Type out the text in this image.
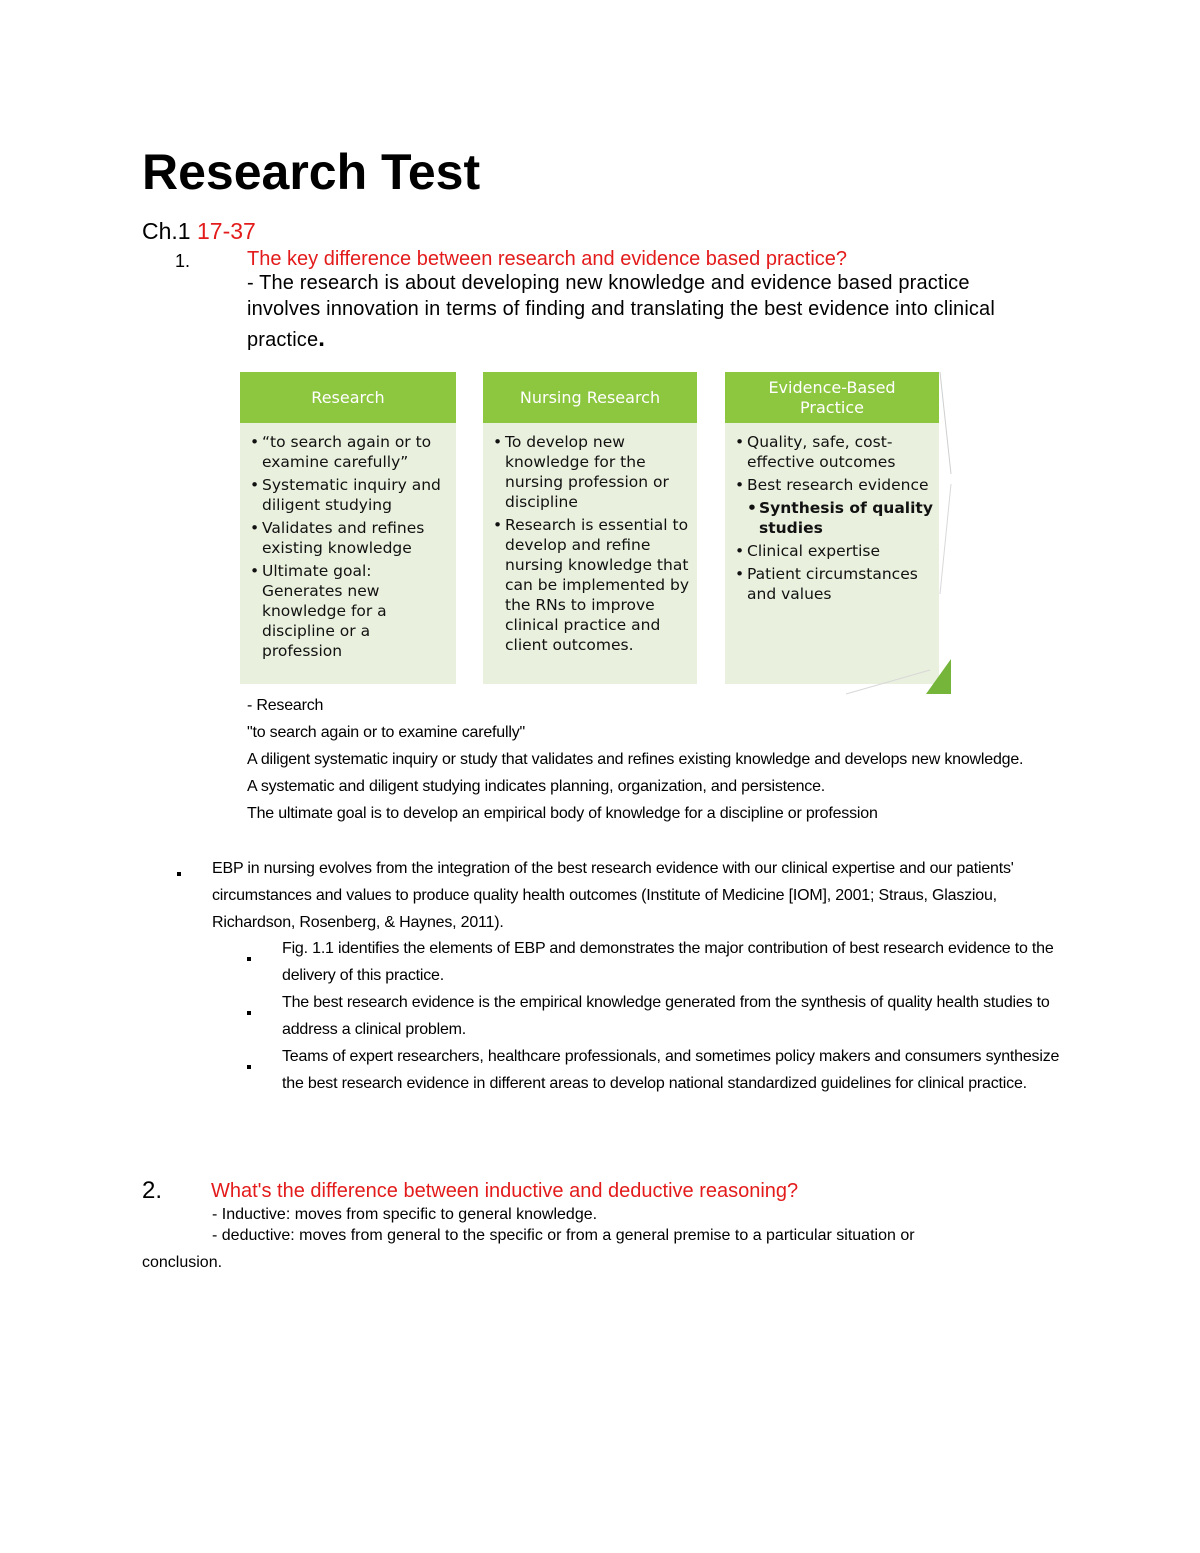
Research Test
Ch.1 17-37
1.	The key difference between research and evidence based practice?
- The research is about developing new knowledge and evidence based practice
involves innovation in terms of finding and translating the best evidence into clinical
practice.
Research
• “to search again or to examine carefully”
• Systematic inquiry and diligent studying
• Validates and refines existing knowledge
• Ultimate goal: Generates new knowledge for a discipline or a profession
Nursing Research
• To develop new knowledge for the nursing profession or discipline
• Research is essential to develop and refine nursing knowledge that can be implemented by the RNs to improve clinical practice and client outcomes.
Evidence-Based
Practice
• Quality, safe, cost-effective outcomes
• Best research evidence
• Synthesis of quality studies
• Clinical expertise
• Patient circumstances and values
- Research
"to search again or to examine carefully"
A diligent systematic inquiry or study that validates and refines existing knowledge and develops new knowledge.
A systematic and diligent studying indicates planning, organization, and persistence.
The ultimate goal is to develop an empirical body of knowledge for a discipline or profession
EBP in nursing evolves from the integration of the best research evidence with our clinical expertise and our patients' circumstances and values to produce quality health outcomes (Institute of Medicine [IOM], 2001; Straus, Glasziou, Richardson, Rosenberg, & Haynes, 2011).
Fig. 1.1 identifies the elements of EBP and demonstrates the major contribution of best research evidence to the delivery of this practice.
The best research evidence is the empirical knowledge generated from the synthesis of quality health studies to address a clinical problem.
Teams of expert researchers, healthcare professionals, and sometimes policy makers and consumers synthesize the best research evidence in different areas to develop national standardized guidelines for clinical practice.
2. What's the difference between inductive and deductive reasoning?
- Inductive: moves from specific to general knowledge.
- deductive: moves from general to the specific or from a general premise to a particular situation or
conclusion.
